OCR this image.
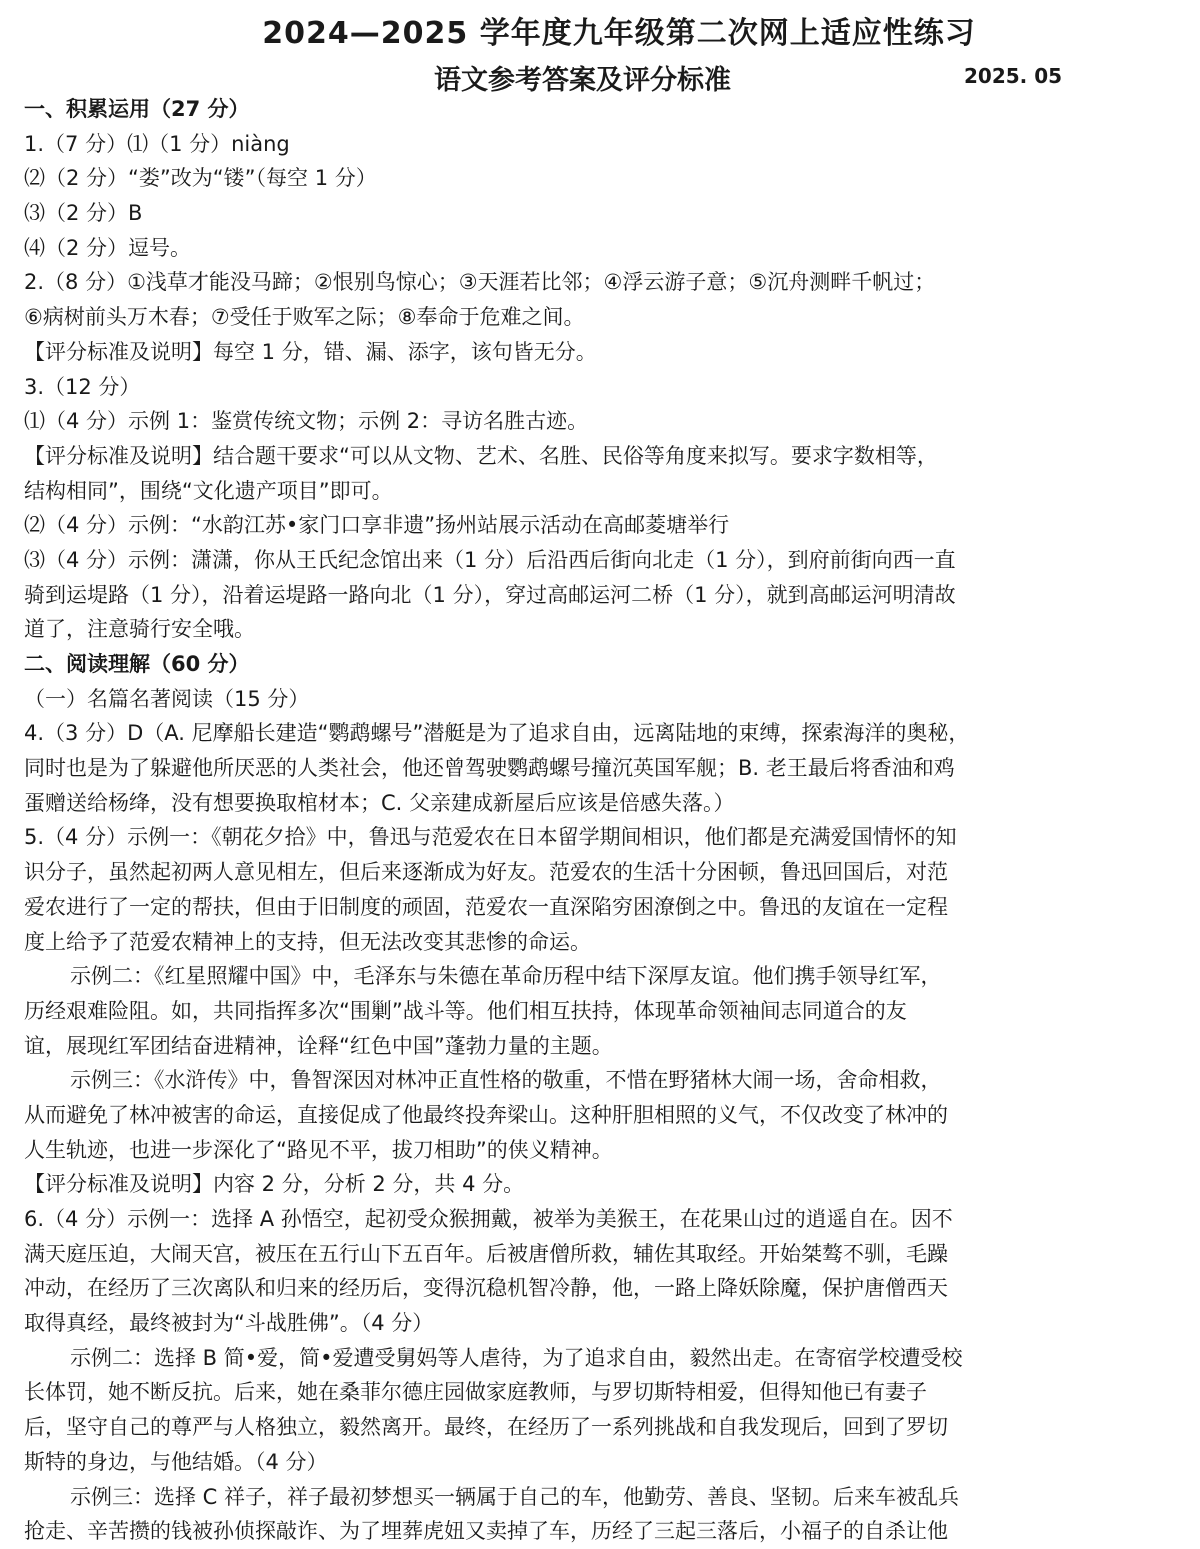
2024—2025 学年度九年级第二次网上适应性练习
语文参考答案及评分标准	2025. 05
一、积累运用（27 分）
1.（7 分）⑴（1 分）niàng
⑵（2 分）“娄”改为“镂”（每空 1 分）
⑶（2 分）B
⑷（2 分）逗号。
2.（8 分）①浅草才能没马蹄；②恨别鸟惊心；③天涯若比邻；④浮云游子意；⑤沉舟测畔千帆过；
⑥病树前头万木春；⑦受任于败军之际；⑧奉命于危难之间。
【评分标准及说明】每空 1 分，错、漏、添字，该句皆无分。
3.（12 分）
⑴（4 分）示例 1：鉴赏传统文物；示例 2：寻访名胜古迹。
【评分标准及说明】结合题干要求“可以从文物、艺术、名胜、民俗等角度来拟写。要求字数相等，
结构相同”，围绕“文化遗产项目”即可。
⑵（4 分）示例：“水韵江苏•家门口享非遗”扬州站展示活动在高邮菱塘举行
⑶（4 分）示例：潇潇，你从王氏纪念馆出来（1 分）后沿西后街向北走（1 分），到府前街向西一直
骑到运堤路（1 分），沿着运堤路一路向北（1 分），穿过高邮运河二桥（1 分），就到高邮运河明清故
道了，注意骑行安全哦。
二、阅读理解（60 分）
（一）名篇名著阅读（15 分）
4.（3 分）D（A. 尼摩船长建造“鹦鹉螺号”潜艇是为了追求自由，远离陆地的束缚，探索海洋的奥秘，
同时也是为了躲避他所厌恶的人类社会，他还曾驾驶鹦鹉螺号撞沉英国军舰；B. 老王最后将香油和鸡
蛋赠送给杨绛，没有想要换取棺材本；C. 父亲建成新屋后应该是倍感失落。）
5.（4 分）示例一：《朝花夕拾》中，鲁迅与范爱农在日本留学期间相识，他们都是充满爱国情怀的知
识分子，虽然起初两人意见相左，但后来逐渐成为好友。范爱农的生活十分困顿，鲁迅回国后，对范
爱农进行了一定的帮扶，但由于旧制度的顽固，范爱农一直深陷穷困潦倒之中。鲁迅的友谊在一定程
度上给予了范爱农精神上的支持，但无法改变其悲惨的命运。
示例二：《红星照耀中国》中，毛泽东与朱德在革命历程中结下深厚友谊。他们携手领导红军，
历经艰难险阻。如，共同指挥多次“围剿”战斗等。他们相互扶持，体现革命领袖间志同道合的友
谊，展现红军团结奋进精神，诠释“红色中国”蓬勃力量的主题。
示例三：《水浒传》中，鲁智深因对林冲正直性格的敬重，不惜在野猪林大闹一场，舍命相救，
从而避免了林冲被害的命运，直接促成了他最终投奔梁山。这种肝胆相照的义气，不仅改变了林冲的
人生轨迹，也进一步深化了“路见不平，拔刀相助”的侠义精神。
【评分标准及说明】内容 2 分，分析 2 分，共 4 分。
6.（4 分）示例一：选择 A 孙悟空，起初受众猴拥戴，被举为美猴王，在花果山过的逍遥自在。因不
满天庭压迫，大闹天宫，被压在五行山下五百年。后被唐僧所救，辅佐其取经。开始桀骜不驯，毛躁
冲动，在经历了三次离队和归来的经历后，变得沉稳机智冷静，他，一路上降妖除魔，保护唐僧西天
取得真经，最终被封为“斗战胜佛”。（4 分）
示例二：选择 B 简•爱，简•爱遭受舅妈等人虐待，为了追求自由，毅然出走。在寄宿学校遭受校
长体罚，她不断反抗。后来，她在桑菲尔德庄园做家庭教师，与罗切斯特相爱，但得知他已有妻子
后，坚守自己的尊严与人格独立，毅然离开。最终，在经历了一系列挑战和自我发现后，回到了罗切
斯特的身边，与他结婚。（4 分）
示例三：选择 C 祥子，祥子最初梦想买一辆属于自己的车，他勤劳、善良、坚韧。后来车被乱兵
抢走、辛苦攒的钱被孙侦探敲诈、为了埋葬虎妞又卖掉了车，历经了三起三落后，小福子的自杀让他
